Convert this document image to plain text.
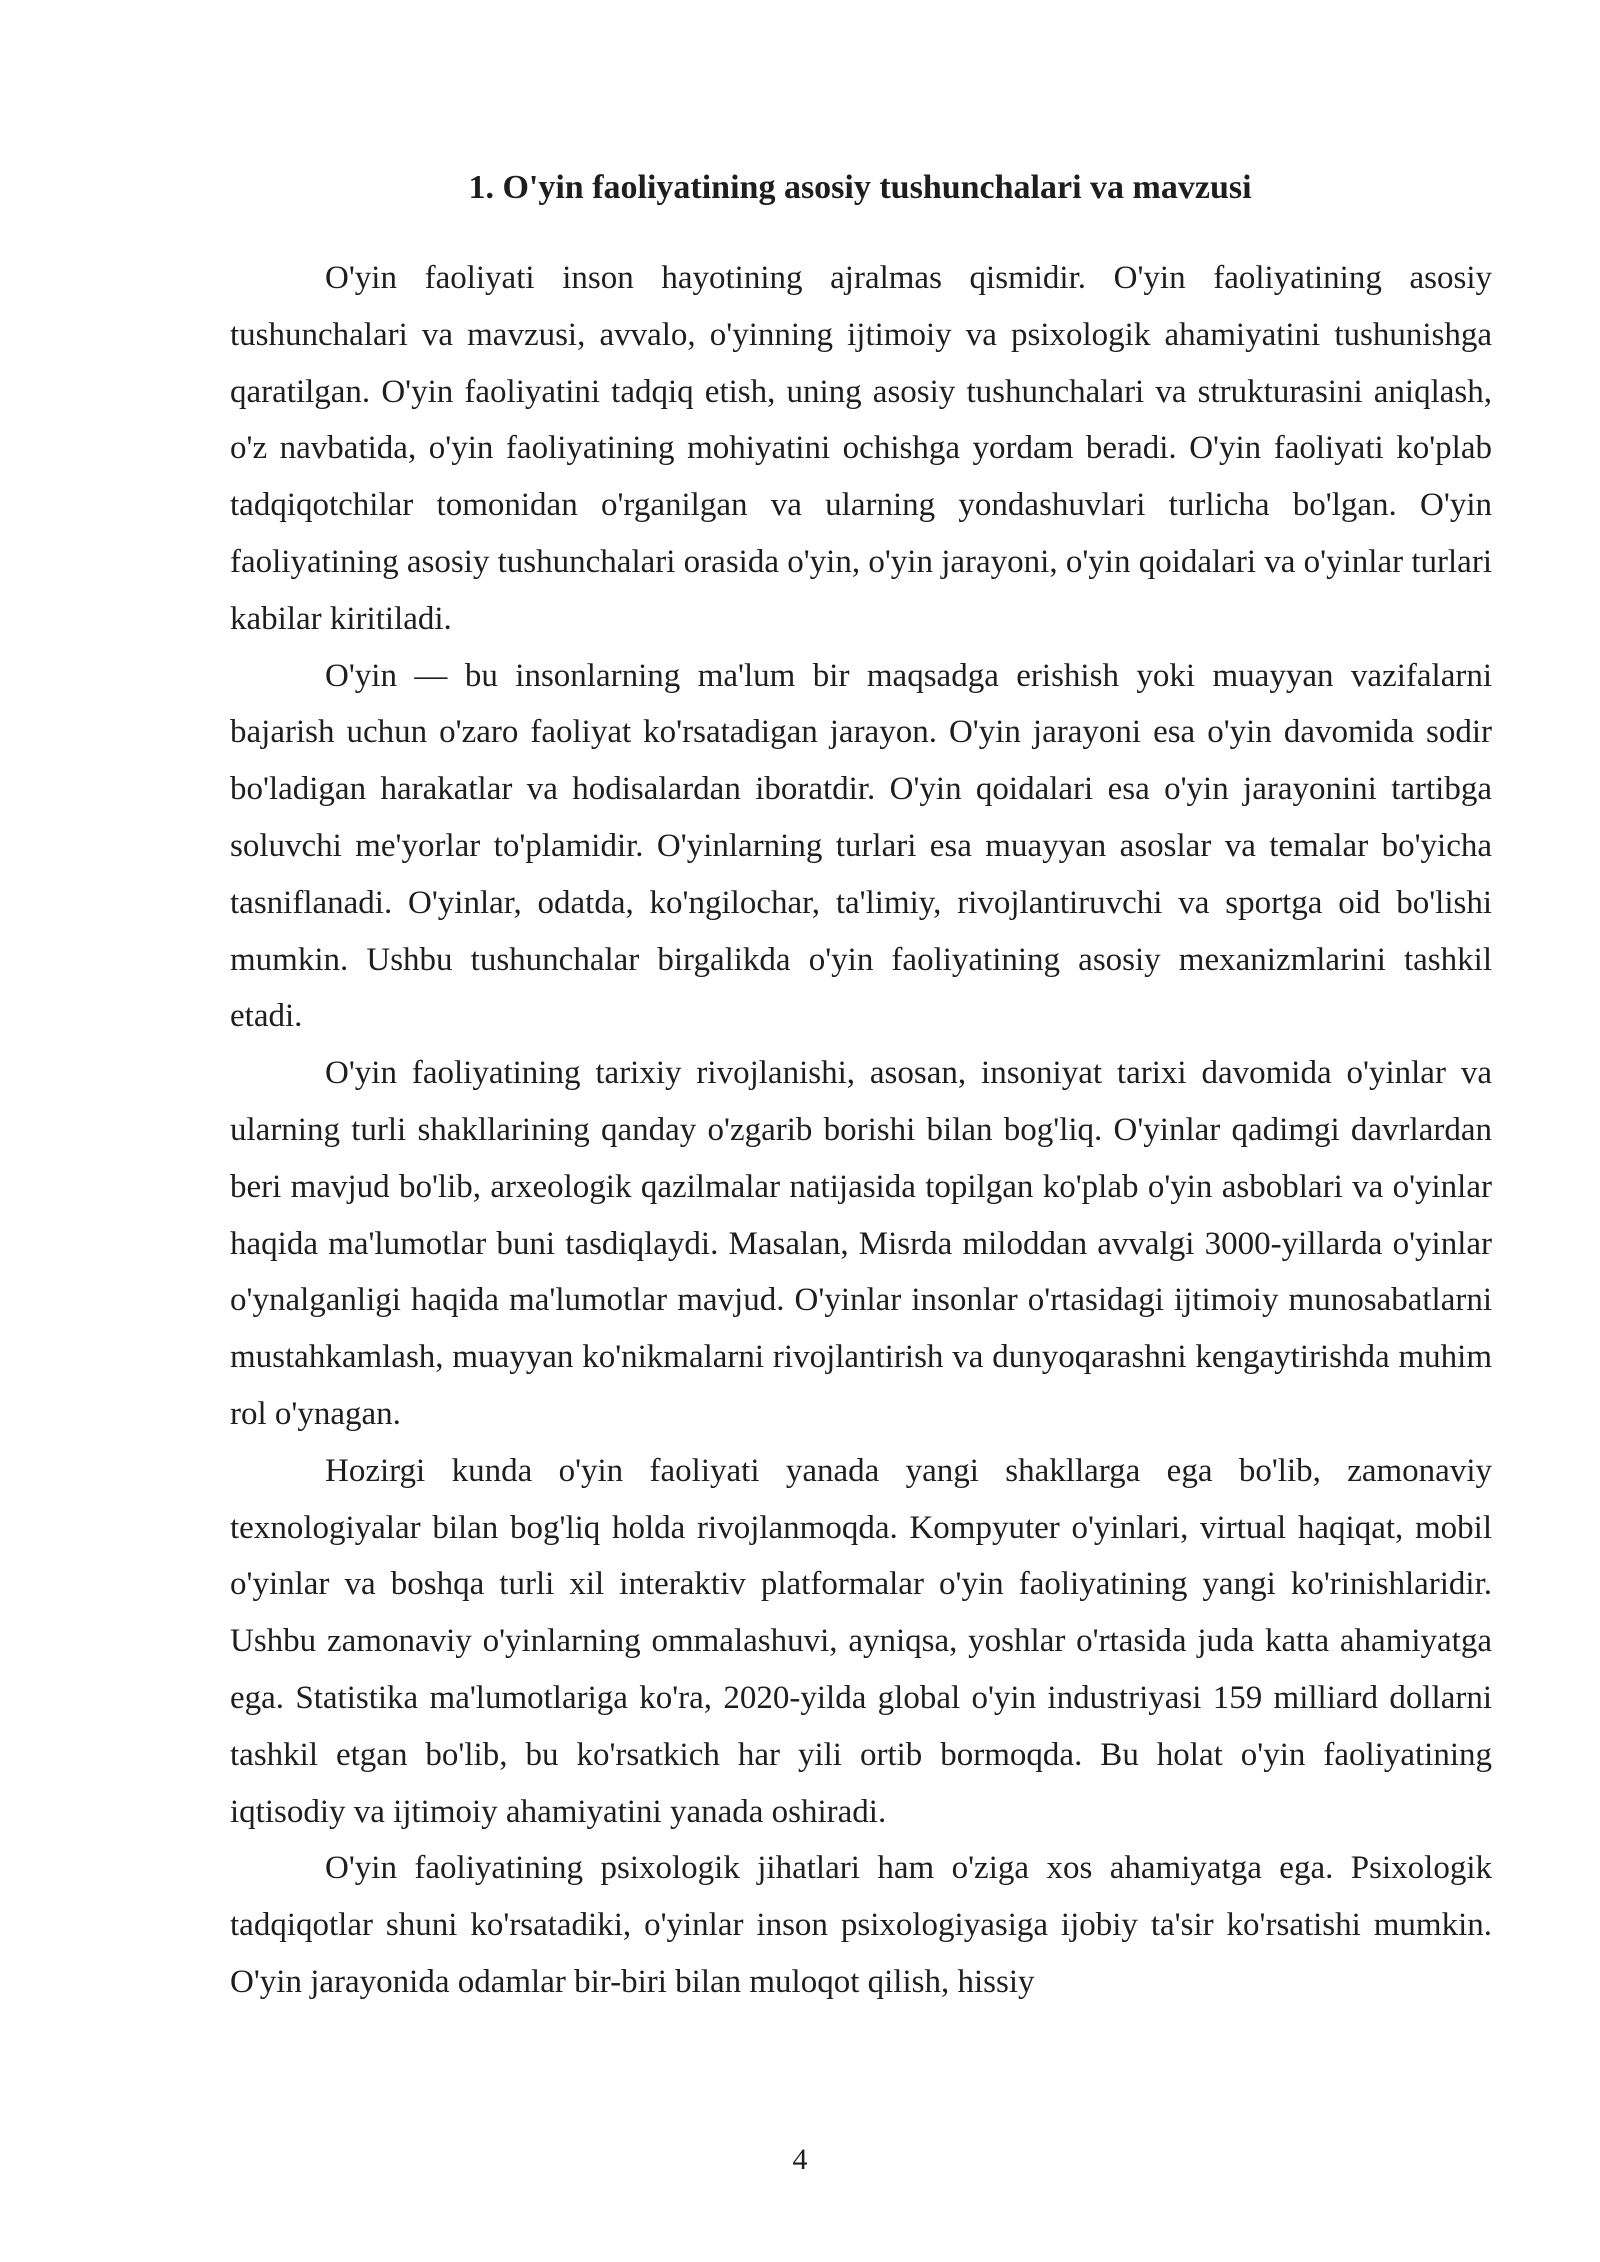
1. O'yin faoliyatining asosiy tushunchalari va mavzusi

O'yin faoliyati inson hayotining ajralmas qismidir. O'yin faoliyatining asosiy tushunchalari va mavzusi, avvalo, o'yinning ijtimoiy va psixologik ahamiyatini tushunishga qaratilgan. O'yin faoliyatini tadqiq etish, uning asosiy tushunchalari va strukturasini aniqlash, o'z navbatida, o'yin faoliyatining mohiyatini ochishga yordam beradi. O'yin faoliyati ko'plab tadqiqotchilar tomonidan o'rganilgan va ularning yondashuvlari turlicha bo'lgan. O'yin faoliyatining asosiy tushunchalari orasida o'yin, o'yin jarayoni, o'yin qoidalari va o'yinlar turlari kabilar kiritiladi.

O'yin — bu insonlarning ma'lum bir maqsadga erishish yoki muayyan vazifalarni bajarish uchun o'zaro faoliyat ko'rsatadigan jarayon. O'yin jarayoni esa o'yin davomida sodir bo'ladigan harakatlar va hodisalardan iboratdir. O'yin qoidalari esa o'yin jarayonini tartibga soluvchi me'yorlar to'plamidir. O'yinlarning turlari esa muayyan asoslar va temalar bo'yicha tasniflanadi. O'yinlar, odatda, ko'ngilochar, ta'limiy, rivojlantiruvchi va sportga oid bo'lishi mumkin. Ushbu tushunchalar birgalikda o'yin faoliyatining asosiy mexanizmlarini tashkil etadi.

O'yin faoliyatining tarixiy rivojlanishi, asosan, insoniyat tarixi davomida o'yinlar va ularning turli shakllarining qanday o'zgarib borishi bilan bog'liq. O'yinlar qadimgi davrlardan beri mavjud bo'lib, arxeologik qazilmalar natijasida topilgan ko'plab o'yin asboblari va o'yinlar haqida ma'lumotlar buni tasdiqlaydi. Masalan, Misrda miloddan avvalgi 3000-yillarda o'yinlar o'ynalganligi haqida ma'lumotlar mavjud. O'yinlar insonlar o'rtasidagi ijtimoiy munosabatlarni mustahkamlash, muayyan ko'nikmalarni rivojlantirish va dunyoqarashni kengaytirishda muhim rol o'ynagan.

Hozirgi kunda o'yin faoliyati yanada yangi shakllarga ega bo'lib, zamonaviy texnologiyalar bilan bog'liq holda rivojlanmoqda. Kompyuter o'yinlari, virtual haqiqat, mobil o'yinlar va boshqa turli xil interaktiv platformalar o'yin faoliyatining yangi ko'rinishlaridir. Ushbu zamonaviy o'yinlarning ommalashuvi, ayniqsa, yoshlar o'rtasida juda katta ahamiyatga ega. Statistika ma'lumotlariga ko'ra, 2020-yilda global o'yin industriyasi 159 milliard dollarni tashkil etgan bo'lib, bu ko'rsatkich har yili ortib bormoqda. Bu holat o'yin faoliyatining iqtisodiy va ijtimoiy ahamiyatini yanada oshiradi.

O'yin faoliyatining psixologik jihatlari ham o'ziga xos ahamiyatga ega. Psixologik tadqiqotlar shuni ko'rsatadiki, o'yinlar inson psixologiyasiga ijobiy ta'sir ko'rsatishi mumkin. O'yin jarayonida odamlar bir-biri bilan muloqot qilish, hissiy

4
